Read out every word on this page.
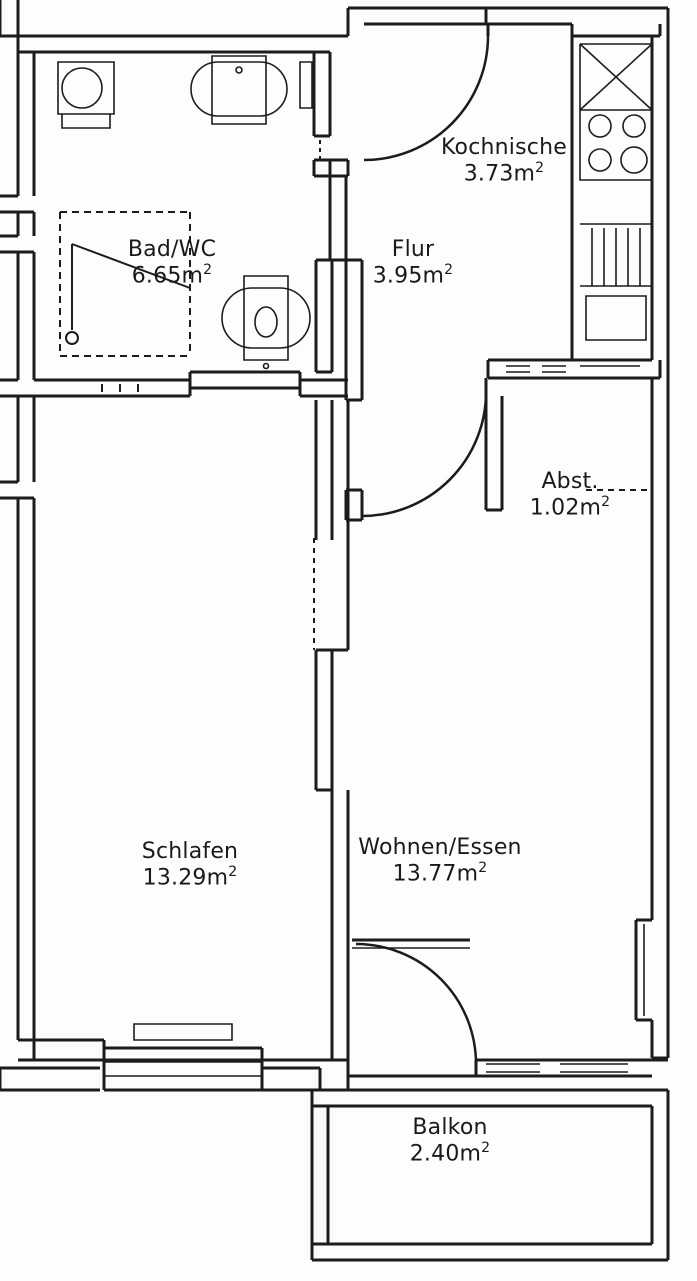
Bad/WC
$6.65m^2$
Kochnische
$3.73m^2$
Flur
$3.95m^2$
Abst.
$1.02m^2$
Schlafen
$13.29m^2$
Wohnen/Essen
$13.77m^2$
Balkon
$2.40m^2$
